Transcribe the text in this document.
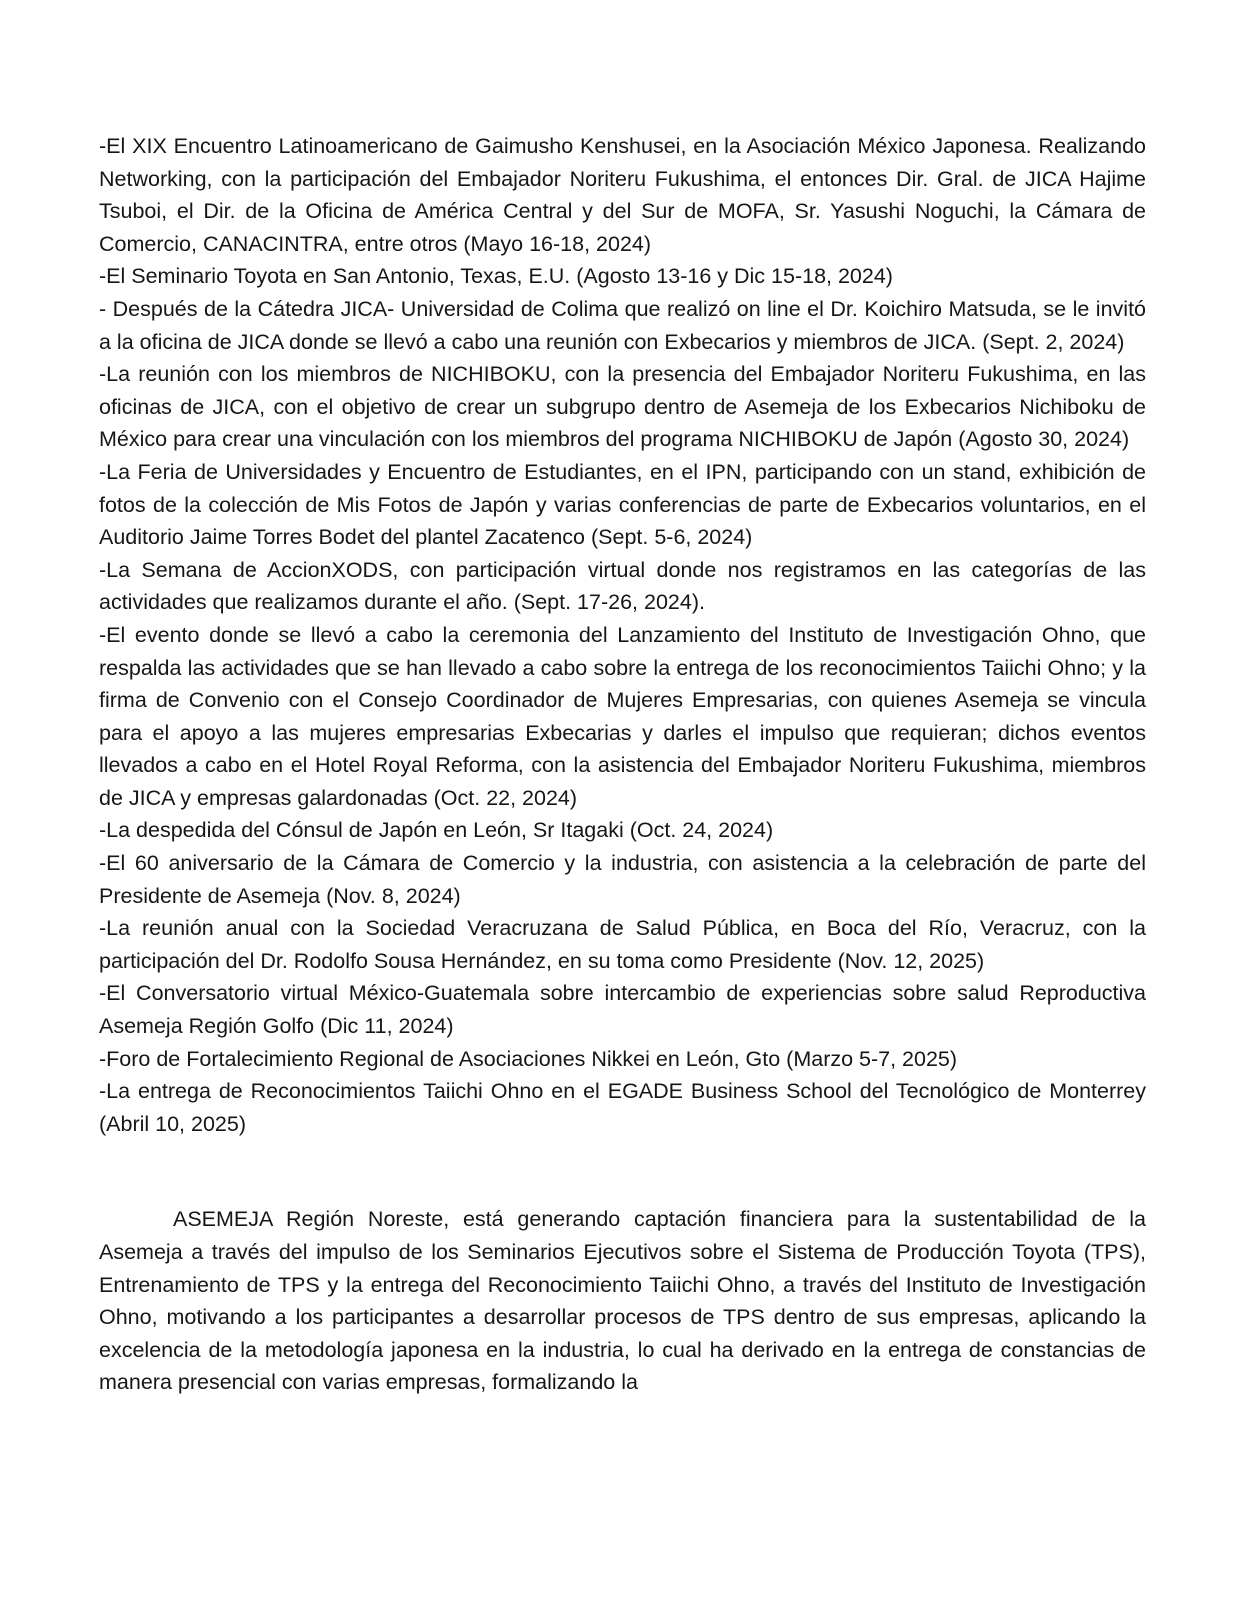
-El XIX Encuentro Latinoamericano de Gaimusho Kenshusei, en la Asociación México Japonesa. Realizando Networking, con la participación del Embajador Noriteru Fukushima, el entonces Dir. Gral. de JICA Hajime Tsuboi, el Dir. de la Oficina de América Central y del Sur de MOFA, Sr. Yasushi Noguchi, la Cámara de Comercio, CANACINTRA, entre otros (Mayo 16-18, 2024)

-El Seminario Toyota en San Antonio, Texas, E.U. (Agosto 13-16 y Dic 15-18, 2024)

- Después de la Cátedra JICA- Universidad de Colima que realizó on line el Dr. Koichiro Matsuda, se le invitó a la oficina de JICA donde se llevó a cabo una reunión con Exbecarios y miembros de JICA. (Sept. 2, 2024)

-La reunión con los miembros de NICHIBOKU, con la presencia del Embajador Noriteru Fukushima, en las oficinas de JICA, con el objetivo de crear un subgrupo dentro de Asemeja de los Exbecarios Nichiboku de México para crear una vinculación con los miembros del programa NICHIBOKU de Japón (Agosto 30, 2024)

-La Feria de Universidades y Encuentro de Estudiantes, en el IPN, participando con un stand, exhibición de fotos de la colección de Mis Fotos de Japón y varias conferencias de parte de Exbecarios voluntarios, en el Auditorio Jaime Torres Bodet del plantel Zacatenco (Sept. 5-6, 2024)

-La Semana de AccionXODS, con participación virtual donde nos registramos en las categorías de las actividades que realizamos durante el año. (Sept. 17-26, 2024).

-El evento donde se llevó a cabo la ceremonia del Lanzamiento del Instituto de Investigación Ohno, que respalda las actividades que se han llevado a cabo sobre la entrega de los reconocimientos Taiichi Ohno; y la firma de Convenio con el Consejo Coordinador de Mujeres Empresarias, con quienes Asemeja se vincula para el apoyo a las mujeres empresarias Exbecarias y darles el impulso que requieran; dichos eventos llevados a cabo en el Hotel Royal Reforma, con la asistencia del Embajador Noriteru Fukushima, miembros de JICA y empresas galardonadas (Oct. 22, 2024)

-La despedida del Cónsul de Japón en León, Sr Itagaki (Oct. 24, 2024)

-El 60 aniversario de la Cámara de Comercio y la industria, con asistencia a la celebración de parte del Presidente de Asemeja (Nov. 8, 2024)

-La reunión anual con la Sociedad Veracruzana de Salud Pública, en Boca del Río, Veracruz, con la participación del Dr. Rodolfo Sousa Hernández, en su toma como Presidente (Nov. 12, 2025)

-El Conversatorio virtual México-Guatemala sobre intercambio de experiencias sobre salud Reproductiva Asemeja Región Golfo (Dic 11, 2024)

-Foro de Fortalecimiento Regional de Asociaciones Nikkei en León, Gto (Marzo 5-7, 2025)

-La entrega de Reconocimientos Taiichi Ohno en el EGADE Business School del Tecnológico de Monterrey (Abril 10, 2025)

ASEMEJA Región Noreste, está generando captación financiera para la sustentabilidad de la Asemeja a través del impulso de los Seminarios Ejecutivos sobre el Sistema de Producción Toyota (TPS), Entrenamiento de TPS y la entrega del Reconocimiento Taiichi Ohno, a través del Instituto de Investigación Ohno, motivando a los participantes a desarrollar procesos de TPS dentro de sus empresas, aplicando la excelencia de la metodología japonesa en la industria, lo cual ha derivado en la entrega de constancias de manera presencial con varias empresas, formalizando la
